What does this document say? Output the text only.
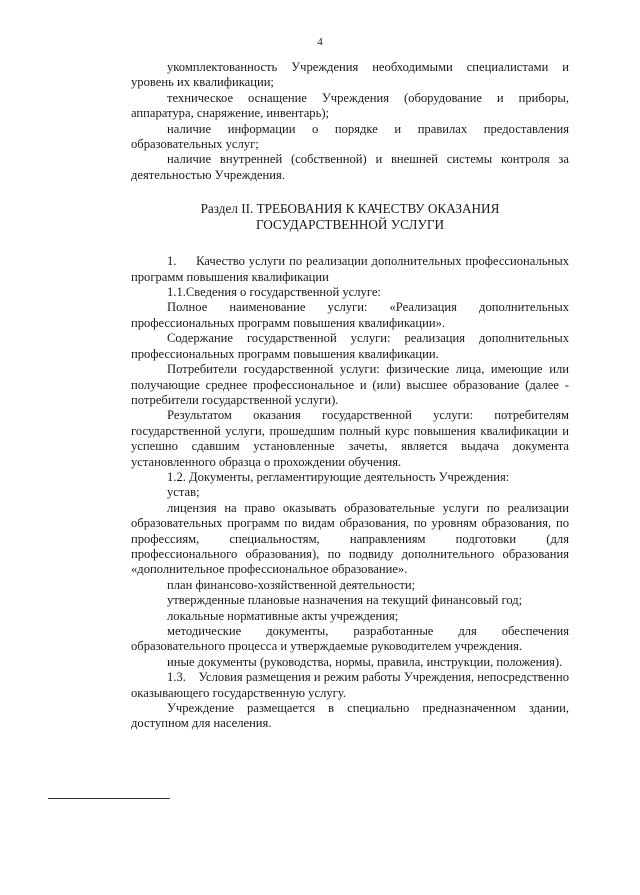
4

укомплектованность Учреждения необходимыми специалистами и уровень их квалификации;

техническое оснащение Учреждения (оборудование и приборы, аппаратура, снаряжение, инвентарь);

наличие информации о порядке и правилах предоставления образовательных услуг;

наличие внутренней (собственной) и внешней системы контроля за деятельностью Учреждения.

Раздел II. ТРЕБОВАНИЯ К КАЧЕСТВУ ОКАЗАНИЯ
ГОСУДАРСТВЕННОЙ УСЛУГИ

1.     Качество услуги по реализации дополнительных профессиональных программ повышения квалификации

1.1.Сведения о государственной услуге:

Полное наименование услуги: «Реализация дополнительных профессиональных программ повышения квалификации».

Содержание государственной услуги: реализация дополнительных профессиональных программ повышения квалификации.

Потребители государственной услуги: физические лица, имеющие или получающие среднее профессиональное и (или) высшее образование (далее - потребители государственной услуги).

Результатом оказания государственной услуги: потребителям государственной услуги, прошедшим полный курс повышения квалификации и успешно сдавшим установленные зачеты, является выдача документа установленного образца о прохождении обучения.

1.2. Документы, регламентирующие деятельность Учреждения:

устав;

лицензия на право оказывать образовательные услуги по реализации образовательных программ по видам образования, по уровням образования, по профессиям, специальностям, направлениям подготовки (для профессионального образования), по подвиду дополнительного образования «дополнительное профессиональное образование».

план финансово-хозяйственной деятельности;

утвержденные плановые назначения на текущий финансовый год;

локальные нормативные акты учреждения;

методические документы, разработанные для обеспечения образовательного процесса и утверждаемые руководителем учреждения.

иные документы (руководства, нормы, правила, инструкции, положения).

1.3.    Условия размещения и режим работы Учреждения, непосредственно оказывающего государственную услугу.

Учреждение размещается в специально предназначенном здании, доступном для населения.
